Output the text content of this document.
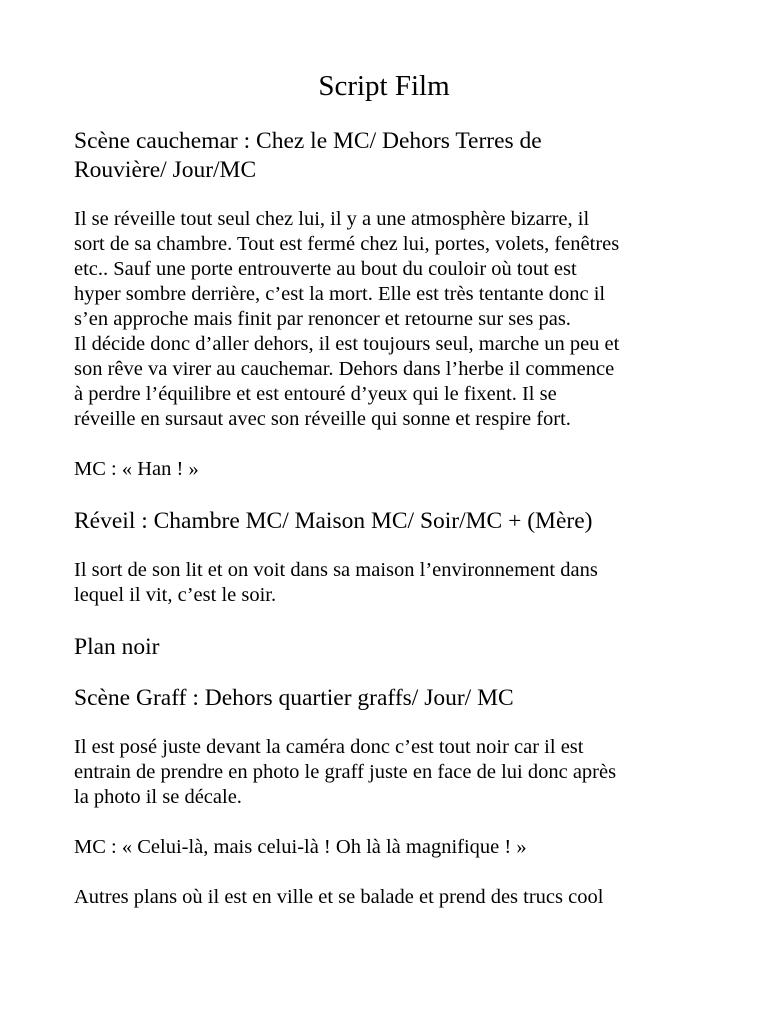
Script Film
Scène cauchemar : Chez le MC/ Dehors Terres de
Rouvière/ Jour/MC
Il se réveille tout seul chez lui, il y a une atmosphère bizarre, il
sort de sa chambre. Tout est fermé chez lui, portes, volets, fenêtres
etc.. Sauf une porte entrouverte au bout du couloir où tout est
hyper sombre derrière, c’est la mort. Elle est très tentante donc il
s’en approche mais finit par renoncer et retourne sur ses pas.
Il décide donc d’aller dehors, il est toujours seul, marche un peu et
son rêve va virer au cauchemar. Dehors dans l’herbe il commence
à perdre l’équilibre et est entouré d’yeux qui le fixent. Il se
réveille en sursaut avec son réveille qui sonne et respire fort.
MC : « Han ! »
Réveil : Chambre MC/ Maison MC/ Soir/MC + (Mère)
Il sort de son lit et on voit dans sa maison l’environnement dans
lequel il vit, c’est le soir.
Plan noir
Scène Graff : Dehors quartier graffs/ Jour/ MC
Il est posé juste devant la caméra donc c’est tout noir car il est
entrain de prendre en photo le graff juste en face de lui donc après
la photo il se décale.
MC : « Celui-là, mais celui-là ! Oh là là magnifique ! »
Autres plans où il est en ville et se balade et prend des trucs cool
